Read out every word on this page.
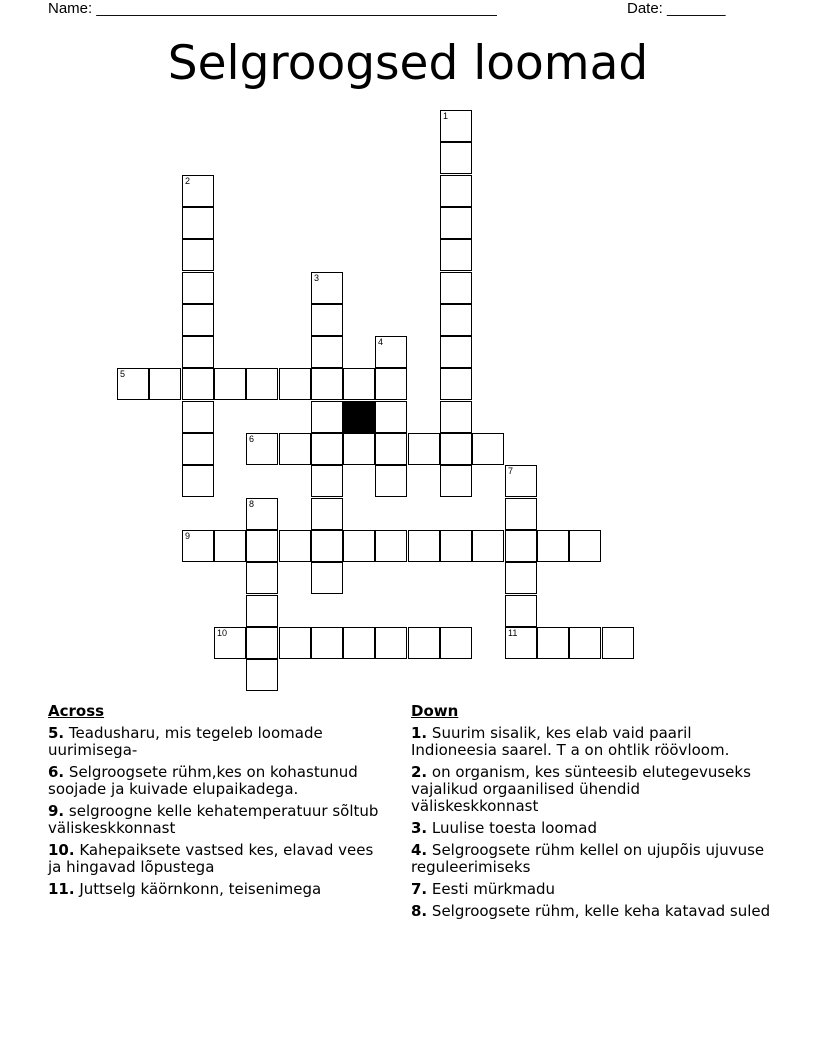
Name: ________________________________________________	Date: _______
Selgroogsed loomad
1
2
3
4
5
6
7
11
8
9
10
Across
5. Teadusharu, mis tegeleb loomade uurimisega-
6. Selgroogsete rühm,kes on kohastunud soojade ja kuivade elupaikadega.
9. selgroogne kelle kehatemperatuur sõltub väliskeskkonnast
10. Kahepaiksete vastsed kes, elavad vees ja hingavad lõpustega
11. Juttselg käörnkonn, teisenimega
Down
1. Suurim sisalik, kes elab vaid paaril Indioneesia saarel. T a on ohtlik röövloom.
2. on organism, kes sünteesib elutegevuseks vajalikud orgaanilised ühendid väliskeskkonnast
3. Luulise toesta loomad
4. Selgroogsete rühm kellel on ujupõis ujuvuse reguleerimiseks
7. Eesti mürkmadu
8. Selgroogsete rühm, kelle keha katavad suled
